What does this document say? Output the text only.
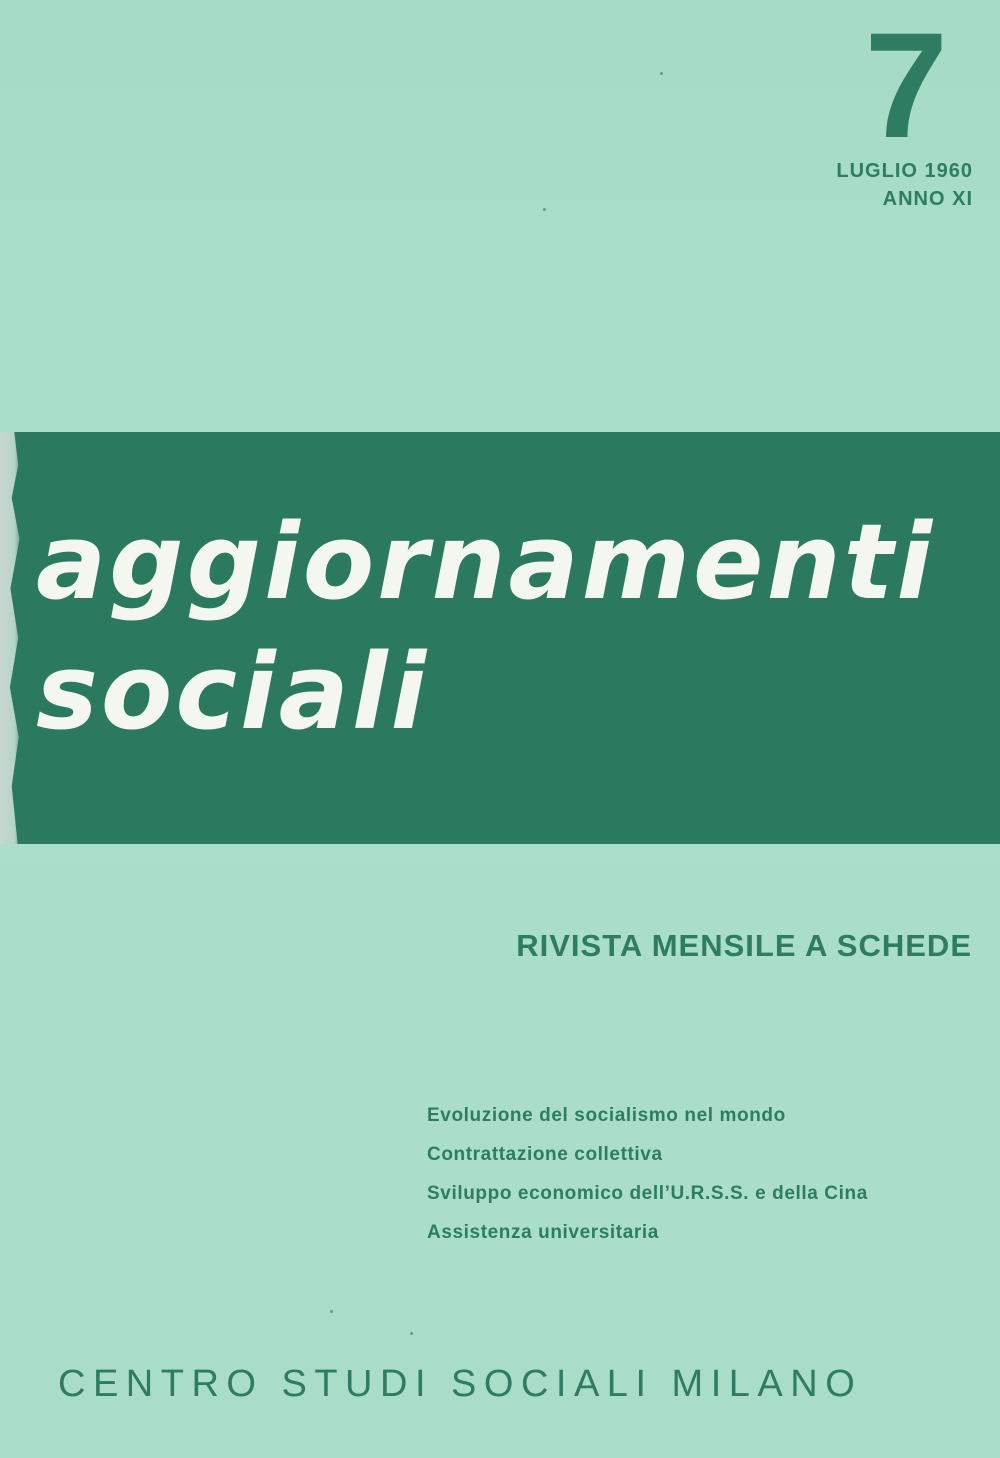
7
LUGLIO 1960
ANNO XI
aggiornamenti
sociali
RIVISTA MENSILE A SCHEDE
Evoluzione del socialismo nel mondo
Contrattazione collettiva
Sviluppo economico dell’U.R.S.S. e della Cina
Assistenza universitaria
CENTRO STUDI SOCIALI MILANO
